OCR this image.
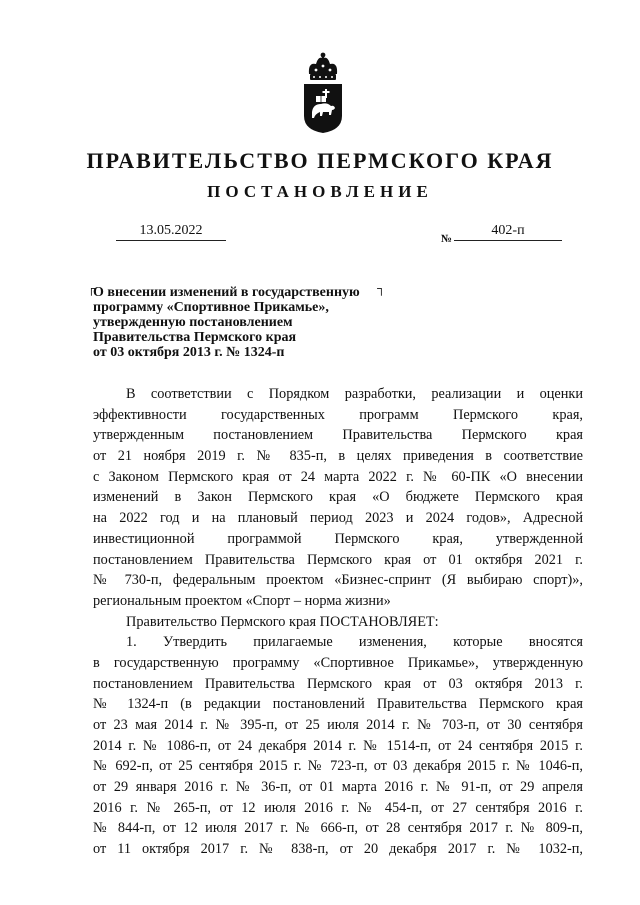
ПРАВИТЕЛЬСТВО ПЕРМСКОГО КРАЯ
ПОСТАНОВЛЕНИЕ
13.05.2022
№
402-п
┌	┐
О внесении изменений в государственную
программу «Спортивное Прикамье»,
утвержденную постановлением
Правительства Пермского края
от 03 октября 2013 г. № 1324-п
В соответствии с Порядком разработки, реализации и оценки
эффективности государственных программ Пермского края,
утвержденным постановлением Правительства Пермского края
от 21 ноября 2019 г. № 835-п, в целях приведения в соответствие
с Законом Пермского края от 24 марта 2022 г. № 60-ПК «О внесении
изменений в Закон Пермского края «О бюджете Пермского края
на 2022 год и на плановый период 2023 и 2024 годов», Адресной
инвестиционной программой Пермского края, утвержденной
постановлением Правительства Пермского края от 01 октября 2021 г.
№ 730-п, федеральным проектом «Бизнес-спринт (Я выбираю спорт)»,
региональным проектом «Спорт – норма жизни»
Правительство Пермского края ПОСТАНОВЛЯЕТ:
1. Утвердить прилагаемые изменения, которые вносятся
в государственную программу «Спортивное Прикамье», утвержденную
постановлением Правительства Пермского края от 03 октября 2013 г.
№ 1324-п (в редакции постановлений Правительства Пермского края
от 23 мая 2014 г. № 395-п, от 25 июля 2014 г. № 703-п, от 30 сентября
2014 г. № 1086-п, от 24 декабря 2014 г. № 1514-п, от 24 сентября 2015 г.
№ 692-п, от 25 сентября 2015 г. № 723-п, от 03 декабря 2015 г. № 1046-п,
от 29 января 2016 г. № 36-п, от 01 марта 2016 г. № 91-п, от 29 апреля
2016 г. № 265-п, от 12 июля 2016 г. № 454-п, от 27 сентября 2016 г.
№ 844-п, от 12 июля 2017 г. № 666-п, от 28 сентября 2017 г. № 809-п,
от 11 октября 2017 г. № 838-п, от 20 декабря 2017 г. № 1032-п,
